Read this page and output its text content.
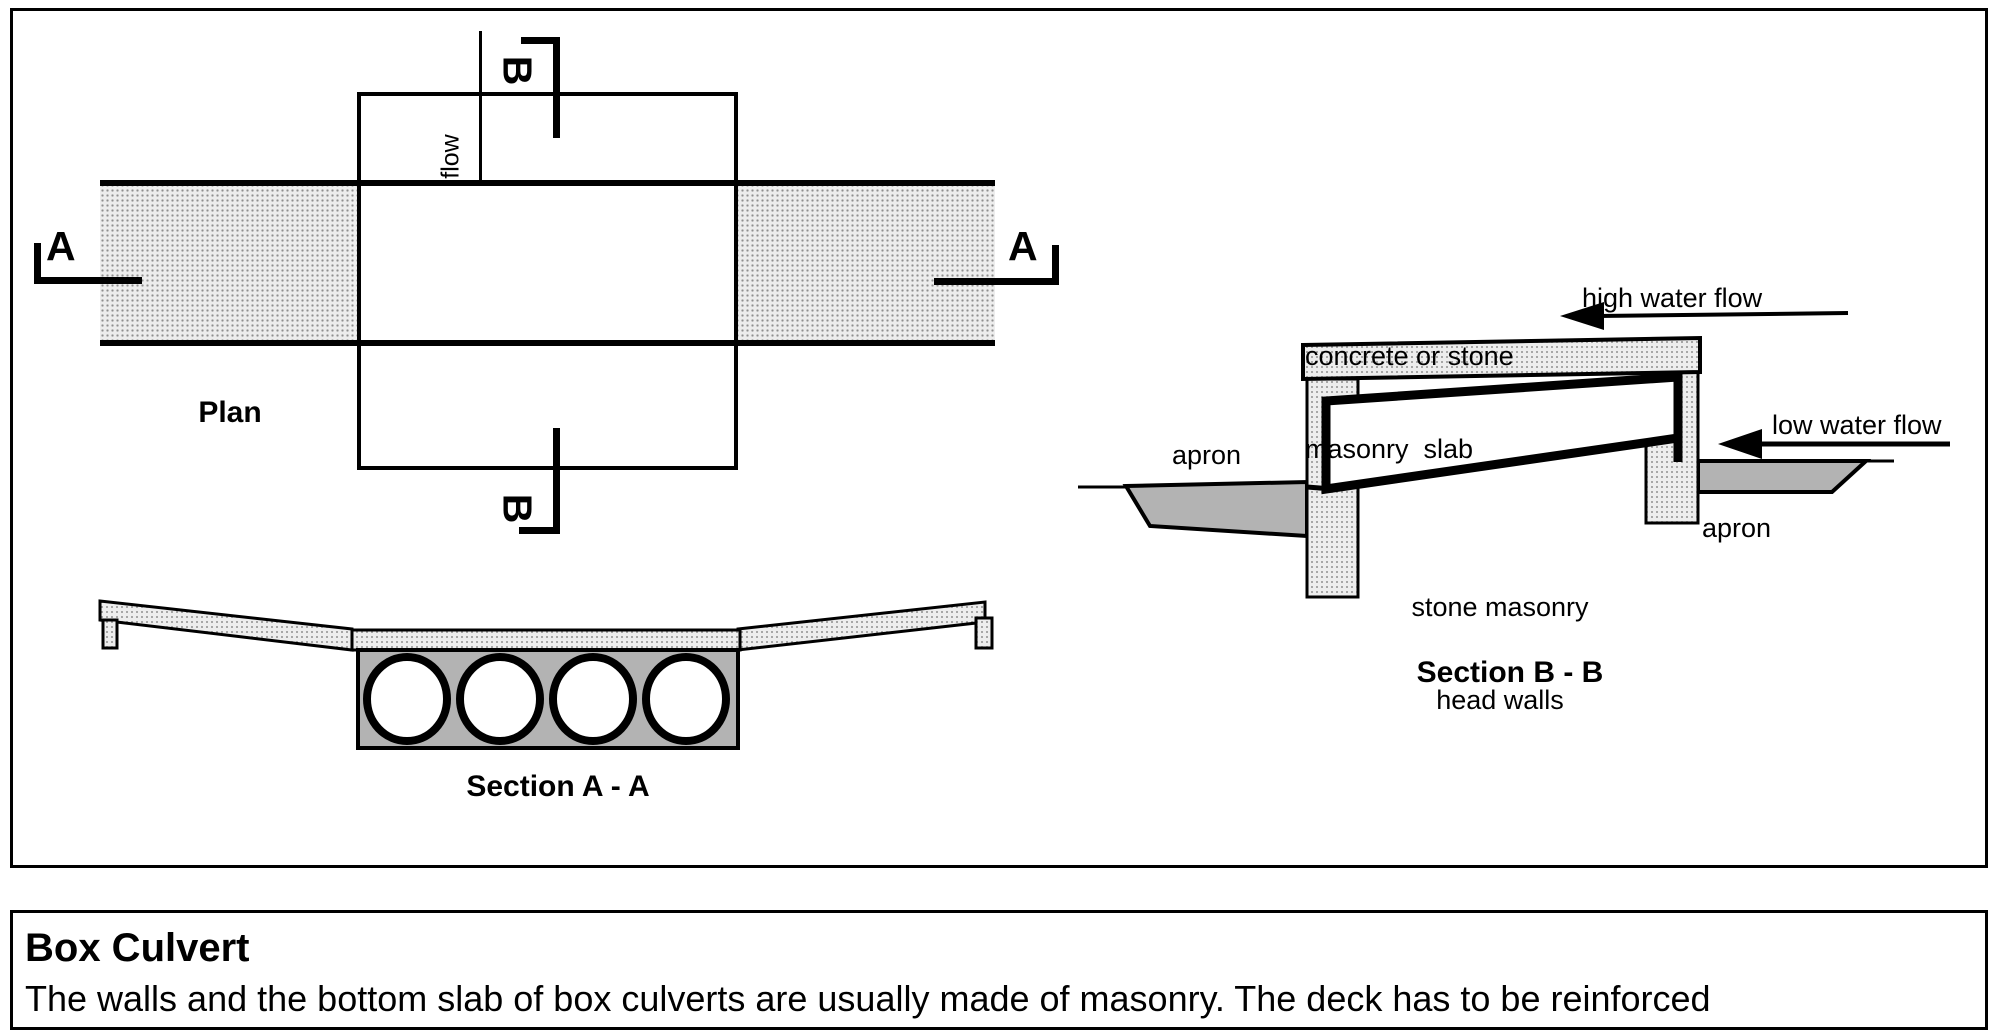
flow
Plan
A	A
B
B

concrete or stone

masonry  slab

high water flow
low water flow
apron
apron

stone masonry

head walls

Section A - A
Section B - B
Box Culvert
The walls and the bottom slab of box culverts are usually made of masonry. The deck has to be reinforced
